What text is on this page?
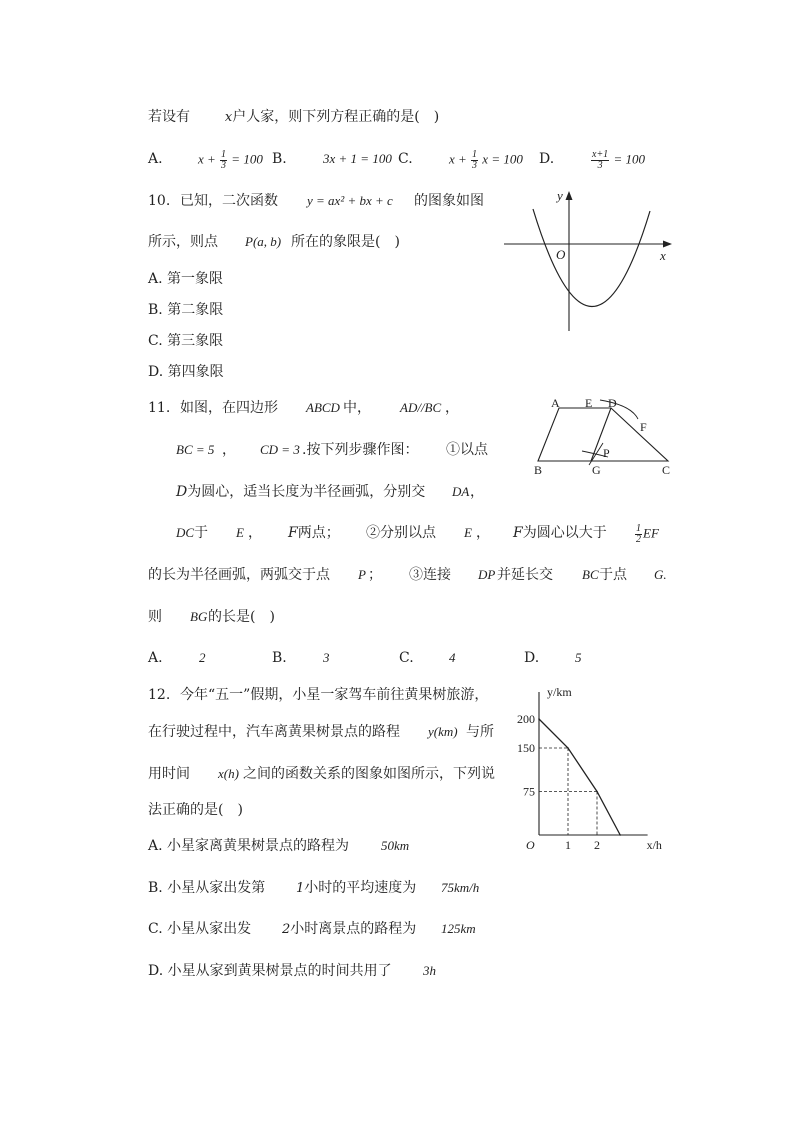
若设有	x户人家，则下列方程正确的是(　)
A.	$x + \frac{1}{3} = 100$ B.	3x + 1 = 100 C.	$x + \frac{1}{3}$ x = 100 D.	$\frac{x+1}{3} = 100$
10. 已知，二次函数 y = ax² + bx + c 的图象如图
所示，则点 P(a, b) 所在的象限是(　)
A. 第一象限
B. 第二象限
C. 第三象限
D. 第四象限
y
x
O
11. 如图，在四边形 ABCD 中， AD//BC ，
BC = 5 ， CD = 3 .按下列步骤作图： ①以点
D为圆心，适当长度为半径画弧，分别交 DA ，
DC 于 E ， F两点； ②分别以点 E ， F为圆心以大于	$\frac{1}{2}$ EF
的长为半径画弧，两弧交于点 P ； ③连接 DP 并延长交 BC 于点 G.
则 BG 的长是(　)
A.	2	B.	3	C.	4	D.	5
A E D
F
P
B	G	C
12. 今年“五一”假期，小星一家驾车前往黄果树旅游，
在行驶过程中，汽车离黄果树景点的路程 y(km) 与所
用时间 x(h) 之间的函数关系的图象如图所示，下列说
法正确的是(　)
A. 小星家离黄果树景点的路程为 50km
B. 小星从家出发第 1小时的平均速度为 75km/h
C. 小星从家出发 2小时离景点的路程为 125km
D. 小星从家到黄果树景点的时间共用了 3h
y/km
x/h
O
200
150
75
1 2
